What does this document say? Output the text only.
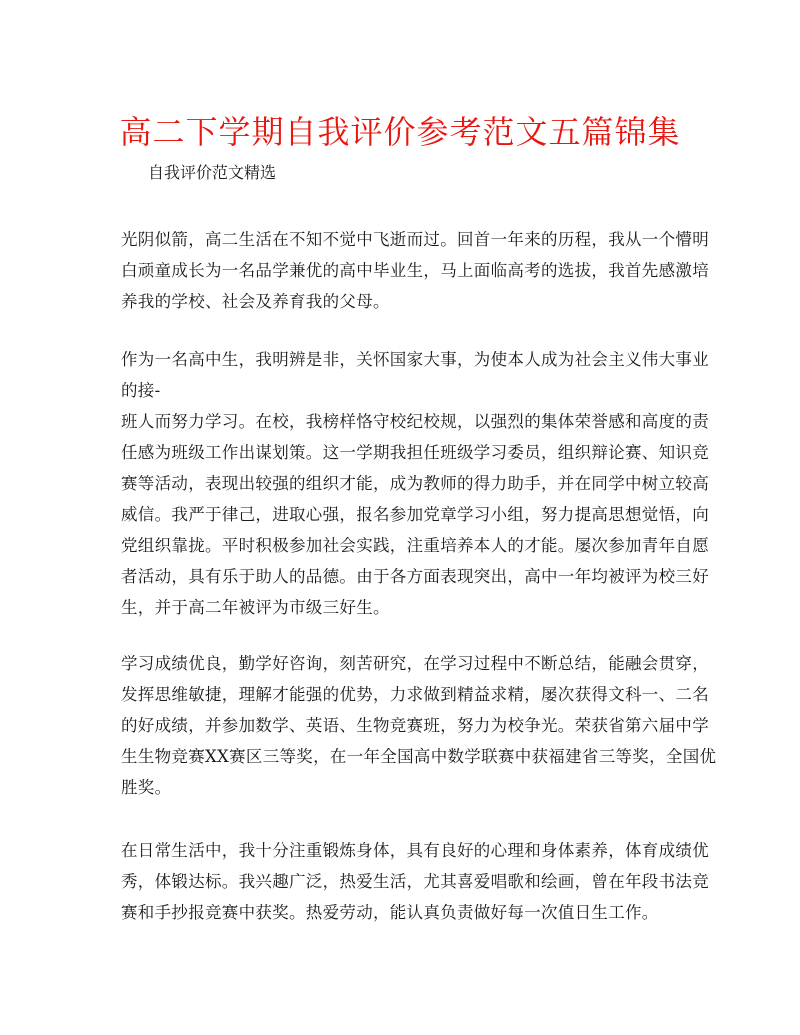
高二下学期自我评价参考范文五篇锦集

自我评价范文精选

光阴似箭，高二生活在不知不觉中飞逝而过。回首一年来的历程，我从一个懵明
白顽童成长为一名品学兼优的高中毕业生，马上面临高考的选拔，我首先感激培
养我的学校、社会及养育我的父母。

作为一名高中生，我明辨是非，关怀国家大事，为使本人成为社会主义伟大事业
的接-
班人而努力学习。在校，我榜样恪守校纪校规，以强烈的集体荣誉感和高度的责
任感为班级工作出谋划策。这一学期我担任班级学习委员，组织辩论赛、知识竞
赛等活动，表现出较强的组织才能，成为教师的得力助手，并在同学中树立较高
威信。我严于律己，进取心强，报名参加党章学习小组，努力提高思想觉悟，向
党组织靠拢。平时积极参加社会实践，注重培养本人的才能。屡次参加青年自愿
者活动，具有乐于助人的品德。由于各方面表现突出，高中一年均被评为校三好
生，并于高二年被评为市级三好生。

学习成绩优良，勤学好咨询，刻苦研究，在学习过程中不断总结，能融会贯穿，
发挥思维敏捷，理解才能强的优势，力求做到精益求精，屡次获得文科一、二名
的好成绩，并参加数学、英语、生物竞赛班，努力为校争光。荣获省第六届中学
生生物竞赛XX赛区三等奖，在一年全国高中数学联赛中获福建省三等奖，全国优
胜奖。

在日常生活中，我十分注重锻炼身体，具有良好的心理和身体素养，体育成绩优
秀，体锻达标。我兴趣广泛，热爱生活，尤其喜爱唱歌和绘画，曾在年段书法竞
赛和手抄报竞赛中获奖。热爱劳动，能认真负责做好每一次值日生工作。
